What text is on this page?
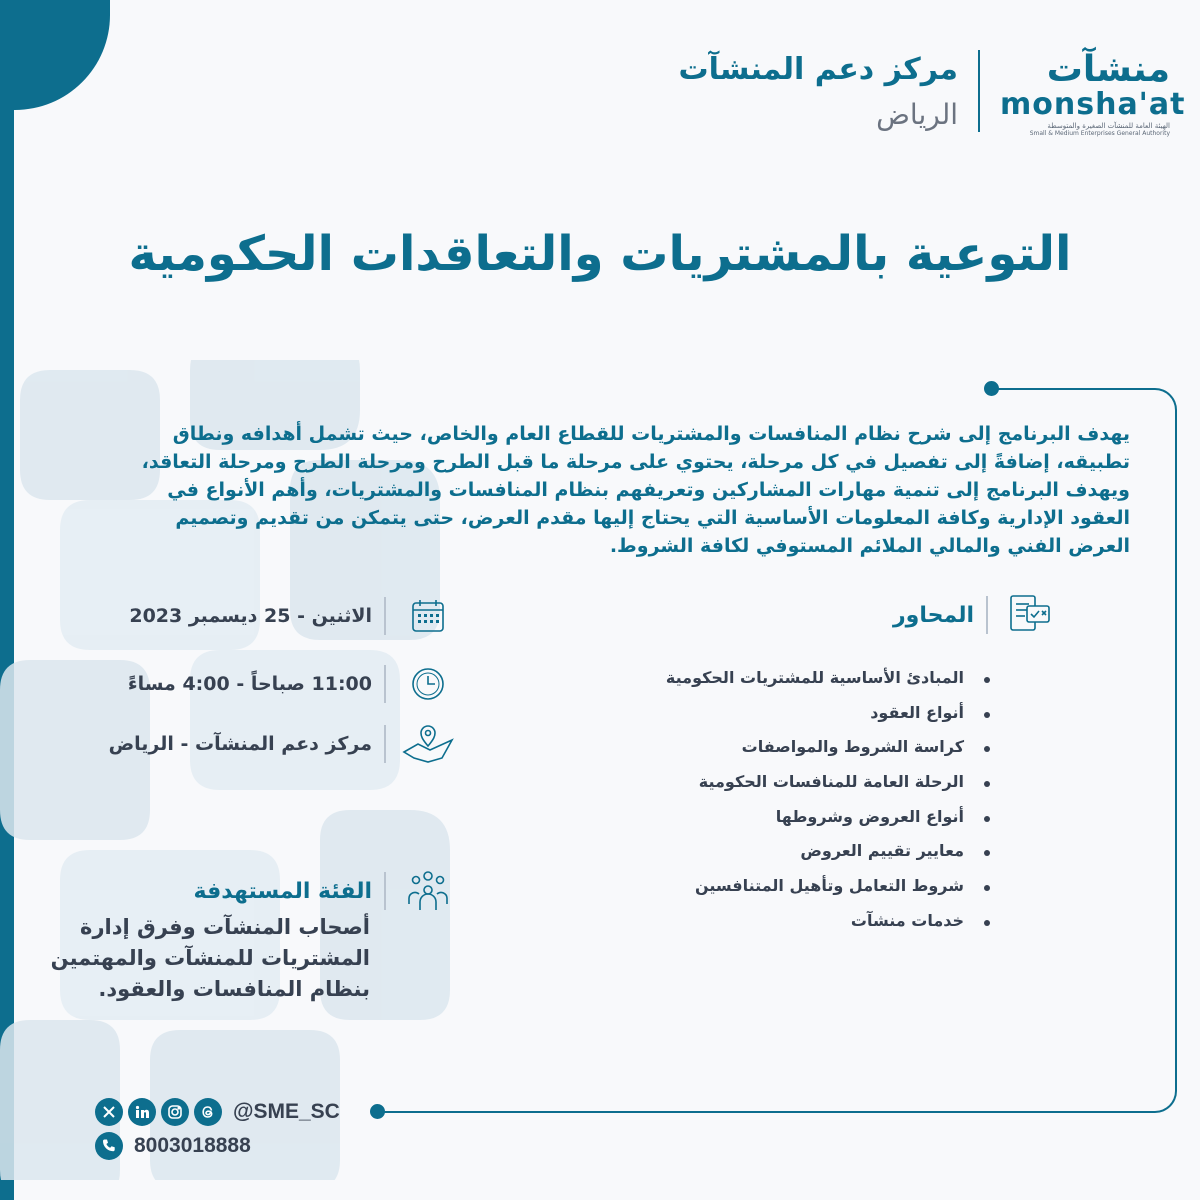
منشآت
monsha'at
الهيئة العامة للمنشآت الصغيرة والمتوسطة
Small & Medium Enterprises General Authority
مركز دعم المنشآت
الرياض
التوعية بالمشتريات والتعاقدات الحكومية

يهدف البرنامج إلى شرح نظام المنافسات والمشتريات للقطاع العام والخاص، حيث تشمل أهدافه ونطاق تطبيقه، إضافةً إلى تفصيل في كل مرحلة، يحتوي على مرحلة ما قبل الطرح ومرحلة الطرح ومرحلة التعاقد، ويهدف البرنامج إلى تنمية مهارات المشاركين وتعريفهم بنظام المنافسات والمشتريات، وأهم الأنواع في العقود الإدارية وكافة المعلومات الأساسية التي يحتاج إليها مقدم العرض، حتى يتمكن من تقديم وتصميم العرض الفني والمالي الملائم المستوفي لكافة الشروط.

المحاور
المبادئ الأساسية للمشتريات الحكومية
أنواع العقود
كراسة الشروط والمواصفات
الرحلة العامة للمنافسات الحكومية
أنواع العروض وشروطها
معايير تقييم العروض
شروط التعامل وتأهيل المتنافسين
خدمات منشآت
الاثنين - 25 ديسمبر 2023
11:00 صباحاً - 4:00 مساءً
مركز دعم المنشآت - الرياض
الفئة المستهدفة

أصحاب المنشآت وفرق إدارة المشتريات للمنشآت والمهتمين بنظام المنافسات والعقود.

@SME_SC
8003018888
